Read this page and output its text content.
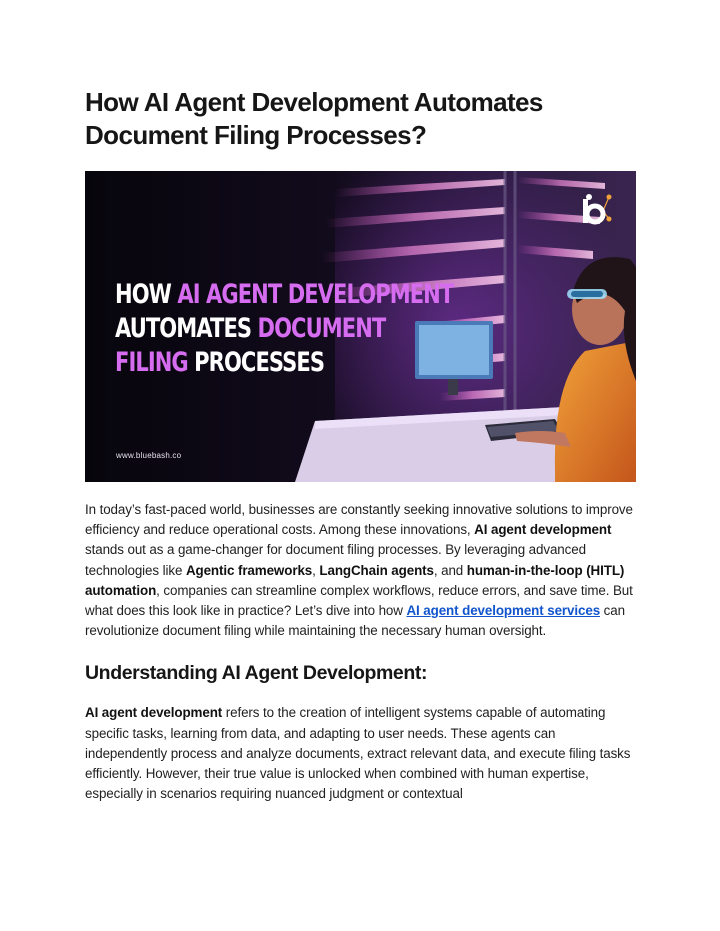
How AI Agent Development Automates
Document Filing Processes?
HOW AI AGENT DEVELOPMENT
AUTOMATES DOCUMENT
FILING PROCESSES
www.bluebash.co

In today’s fast-paced world, businesses are constantly seeking innovative solutions to improve efficiency and reduce operational costs. Among these innovations, AI agent development stands out as a game-changer for document filing processes. By leveraging advanced technologies like Agentic frameworks, LangChain agents, and human-in-the-loop (HITL) automation, companies can streamline complex workflows, reduce errors, and save time. But what does this look like in practice? Let’s dive into how AI agent development services can revolutionize document filing while maintaining the necessary human oversight.

Understanding AI Agent Development:

AI agent development refers to the creation of intelligent systems capable of automating specific tasks, learning from data, and adapting to user needs. These agents can independently process and analyze documents, extract relevant data, and execute filing tasks efficiently. However, their true value is unlocked when combined with human expertise, especially in scenarios requiring nuanced judgment or contextual
